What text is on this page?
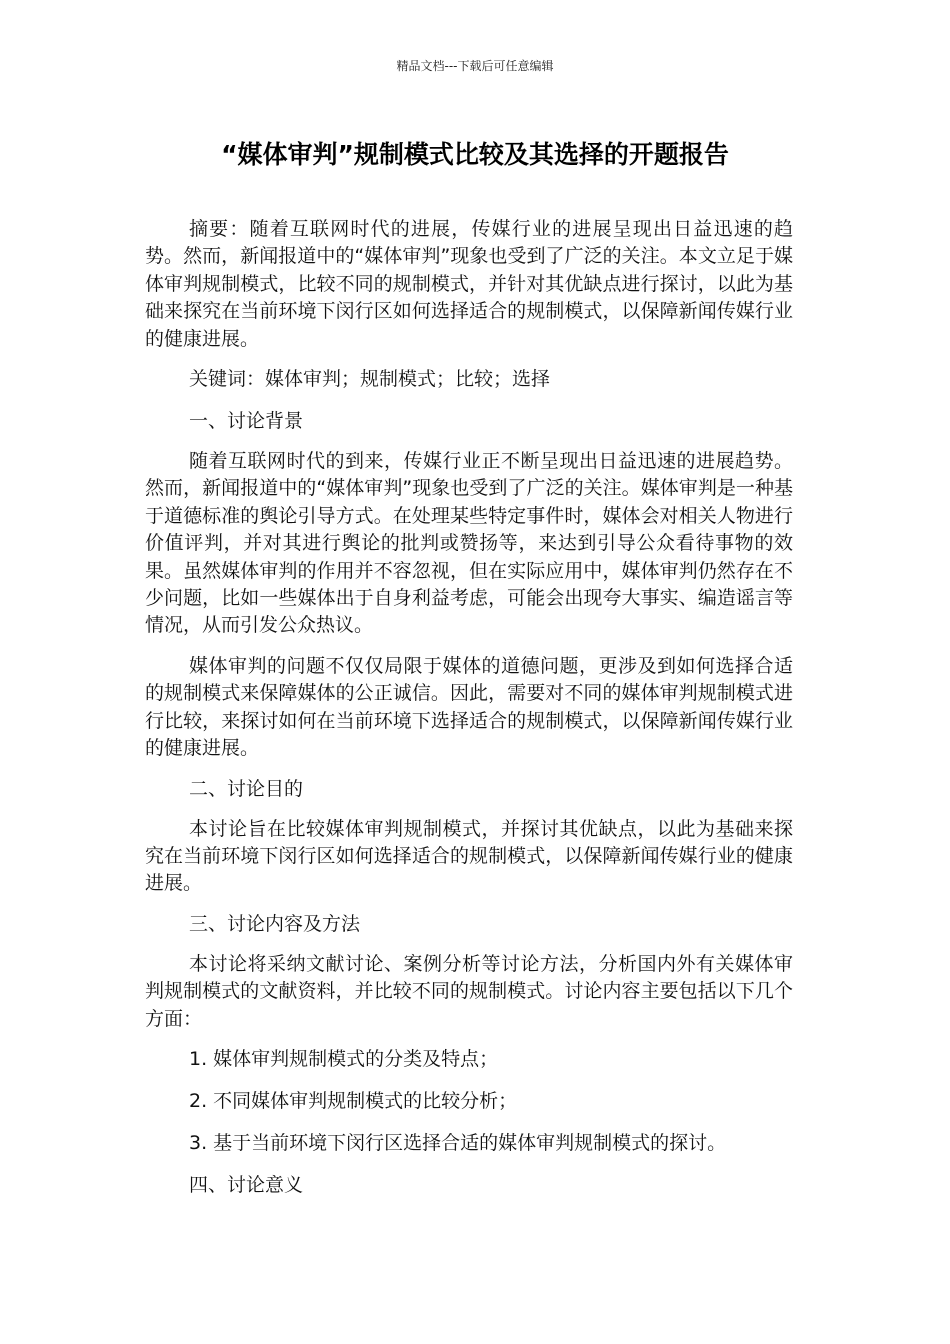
精品文档---下载后可任意编辑
“媒体审判”规制模式比较及其选择的开题报告

摘要：随着互联网时代的进展，传媒行业的进展呈现出日益迅速的趋势。然而，新闻报道中的“媒体审判”现象也受到了广泛的关注。本文立足于媒体审判规制模式，比较不同的规制模式，并针对其优缺点进行探讨，以此为基础来探究在当前环境下闵行区如何选择适合的规制模式，以保障新闻传媒行业的健康进展。

关键词：媒体审判；规制模式；比较；选择

一、讨论背景

随着互联网时代的到来，传媒行业正不断呈现出日益迅速的进展趋势。然而，新闻报道中的“媒体审判”现象也受到了广泛的关注。媒体审判是一种基于道德标准的舆论引导方式。在处理某些特定事件时，媒体会对相关人物进行价值评判，并对其进行舆论的批判或赞扬等，来达到引导公众看待事物的效果。虽然媒体审判的作用并不容忽视，但在实际应用中，媒体审判仍然存在不少问题，比如一些媒体出于自身利益考虑，可能会出现夸大事实、编造谣言等情况，从而引发公众热议。

媒体审判的问题不仅仅局限于媒体的道德问题，更涉及到如何选择合适的规制模式来保障媒体的公正诚信。因此，需要对不同的媒体审判规制模式进行比较，来探讨如何在当前环境下选择适合的规制模式，以保障新闻传媒行业的健康进展。

二、讨论目的

本讨论旨在比较媒体审判规制模式，并探讨其优缺点，以此为基础来探究在当前环境下闵行区如何选择适合的规制模式，以保障新闻传媒行业的健康进展。

三、讨论内容及方法

本讨论将采纳文献讨论、案例分析等讨论方法，分析国内外有关媒体审判规制模式的文献资料，并比较不同的规制模式。讨论内容主要包括以下几个方面：

1. 媒体审判规制模式的分类及特点；

2. 不同媒体审判规制模式的比较分析；

3. 基于当前环境下闵行区选择合适的媒体审判规制模式的探讨。

四、讨论意义
